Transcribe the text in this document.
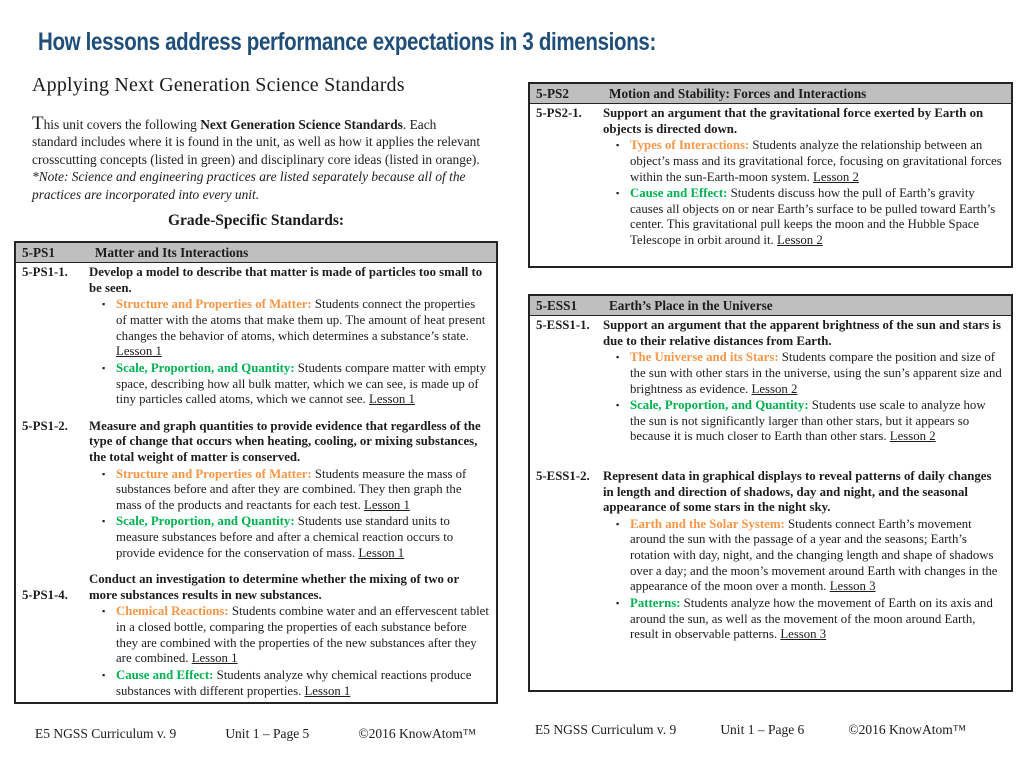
How lessons address performance expectations in 3 dimensions:
Applying Next Generation Science Standards

This unit covers the following Next Generation Science Standards. Each standard includes where it is found in the unit, as well as how it applies the relevant crosscutting concepts (listed in green) and disciplinary core ideas (listed in orange). *Note: Science and engineering practices are listed separately because all of the practices are incorporated into every unit.

Grade-Specific Standards:
5-PS1	Matter and Its Interactions
5-PS1-1.	Develop a model to describe that matter is made of particles too small to be seen.
▪ Structure and Properties of Matter: Students connect the properties of matter with the atoms that make them up. The amount of heat present changes the behavior of atoms, which determines a substance’s state. Lesson 1
▪ Scale, Proportion, and Quantity: Students compare matter with empty space, describing how all bulk matter, which we can see, is made up of tiny particles called atoms, which we cannot see. Lesson 1
5-PS1-2.	Measure and graph quantities to provide evidence that regardless of the type of change that occurs when heating, cooling, or mixing substances, the total weight of matter is conserved.
▪ Structure and Properties of Matter: Students measure the mass of substances before and after they are combined. They then graph the mass of the products and reactants for each test. Lesson 1
▪ Scale, Proportion, and Quantity: Students use standard units to measure substances before and after a chemical reaction occurs to provide evidence for the conservation of mass. Lesson 1
5-PS1-4.
Conduct an investigation to determine whether the mixing of two or more substances results in new substances.
▪ Chemical Reactions: Students combine water and an effervescent tablet in a closed bottle, comparing the properties of each substance before they are combined with the properties of the new substances after they are combined. Lesson 1
▪ Cause and Effect: Students analyze why chemical reactions produce substances with different properties. Lesson 1
5-PS2	Motion and Stability: Forces and Interactions
5-PS2-1.	Support an argument that the gravitational force exerted by Earth on objects is directed down.
▪ Types of Interactions: Students analyze the relationship between an object’s mass and its gravitational force, focusing on gravitational forces within the sun-Earth-moon system. Lesson 2
▪ Cause and Effect: Students discuss how the pull of Earth’s gravity causes all objects on or near Earth’s surface to be pulled toward Earth’s center. This gravitational pull keeps the moon and the Hubble Space Telescope in orbit around it. Lesson 2
5-ESS1	Earth’s Place in the Universe
5-ESS1-1.	Support an argument that the apparent brightness of the sun and stars is due to their relative distances from Earth.
▪ The Universe and its Stars: Students compare the position and size of the sun with other stars in the universe, using the sun’s apparent size and brightness as evidence. Lesson 2
▪ Scale, Proportion, and Quantity: Students use scale to analyze how the sun is not significantly larger than other stars, but it appears so because it is much closer to Earth than other stars. Lesson 2
5-ESS1-2.	Represent data in graphical displays to reveal patterns of daily changes in length and direction of shadows, day and night, and the seasonal appearance of some stars in the night sky.
▪ Earth and the Solar System: Students connect Earth’s movement around the sun with the passage of a year and the seasons; Earth’s rotation with day, night, and the changing length and shape of shadows over a day; and the moon’s movement around Earth with changes in the appearance of the moon over a month. Lesson 3
▪ Patterns: Students analyze how the movement of Earth on its axis and around the sun, as well as the movement of the moon around Earth, result in observable patterns. Lesson 3
E5 NGSS Curriculum v. 9	Unit 1 – Page 5	©2016 KnowAtom™	E5 NGSS Curriculum v. 9	Unit 1 – Page 6	©2016 KnowAtom™
